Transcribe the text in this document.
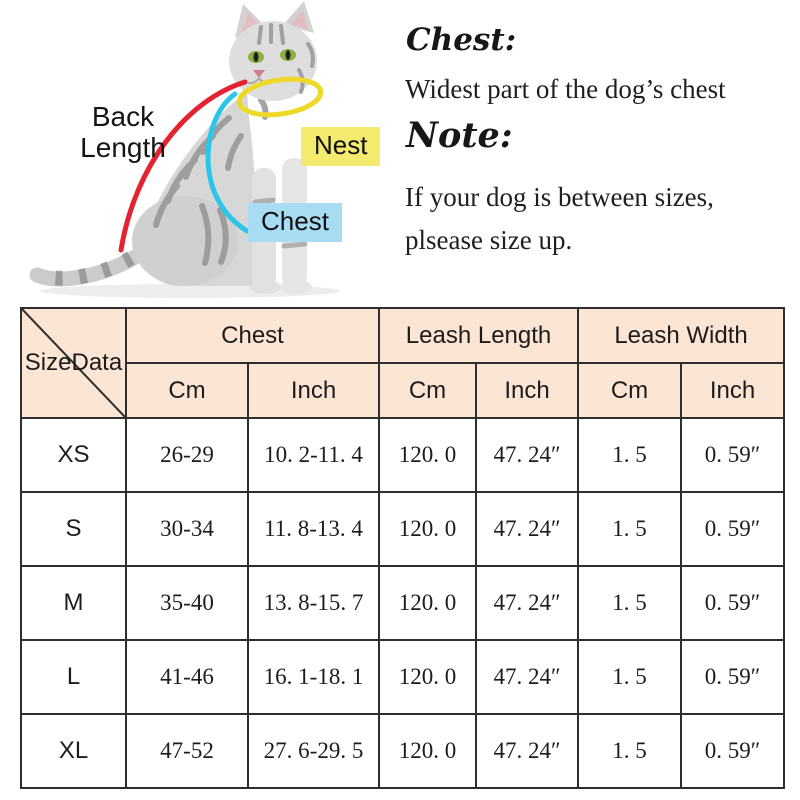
Back Length	Nest
Chest
Chest:
Widest part of the dog’s chest
Note:
If your dog is between sizes,
plsease size up.
SizeData	Chest		Leash Length		Leash Width	
	Cm	Inch	Cm	Inch	Cm	Inch
XS	26-29	10. 2-11. 4	120. 0	47. 24″	1. 5	0. 59″
S	30-34	11. 8-13. 4	120. 0	47. 24″	1. 5	0. 59″
M	35-40	13. 8-15. 7	120. 0	47. 24″	1. 5	0. 59″
L	41-46	16. 1-18. 1	120. 0	47. 24″	1. 5	0. 59″
XL	47-52	27. 6-29. 5	120. 0	47. 24″	1. 5	0. 59″
